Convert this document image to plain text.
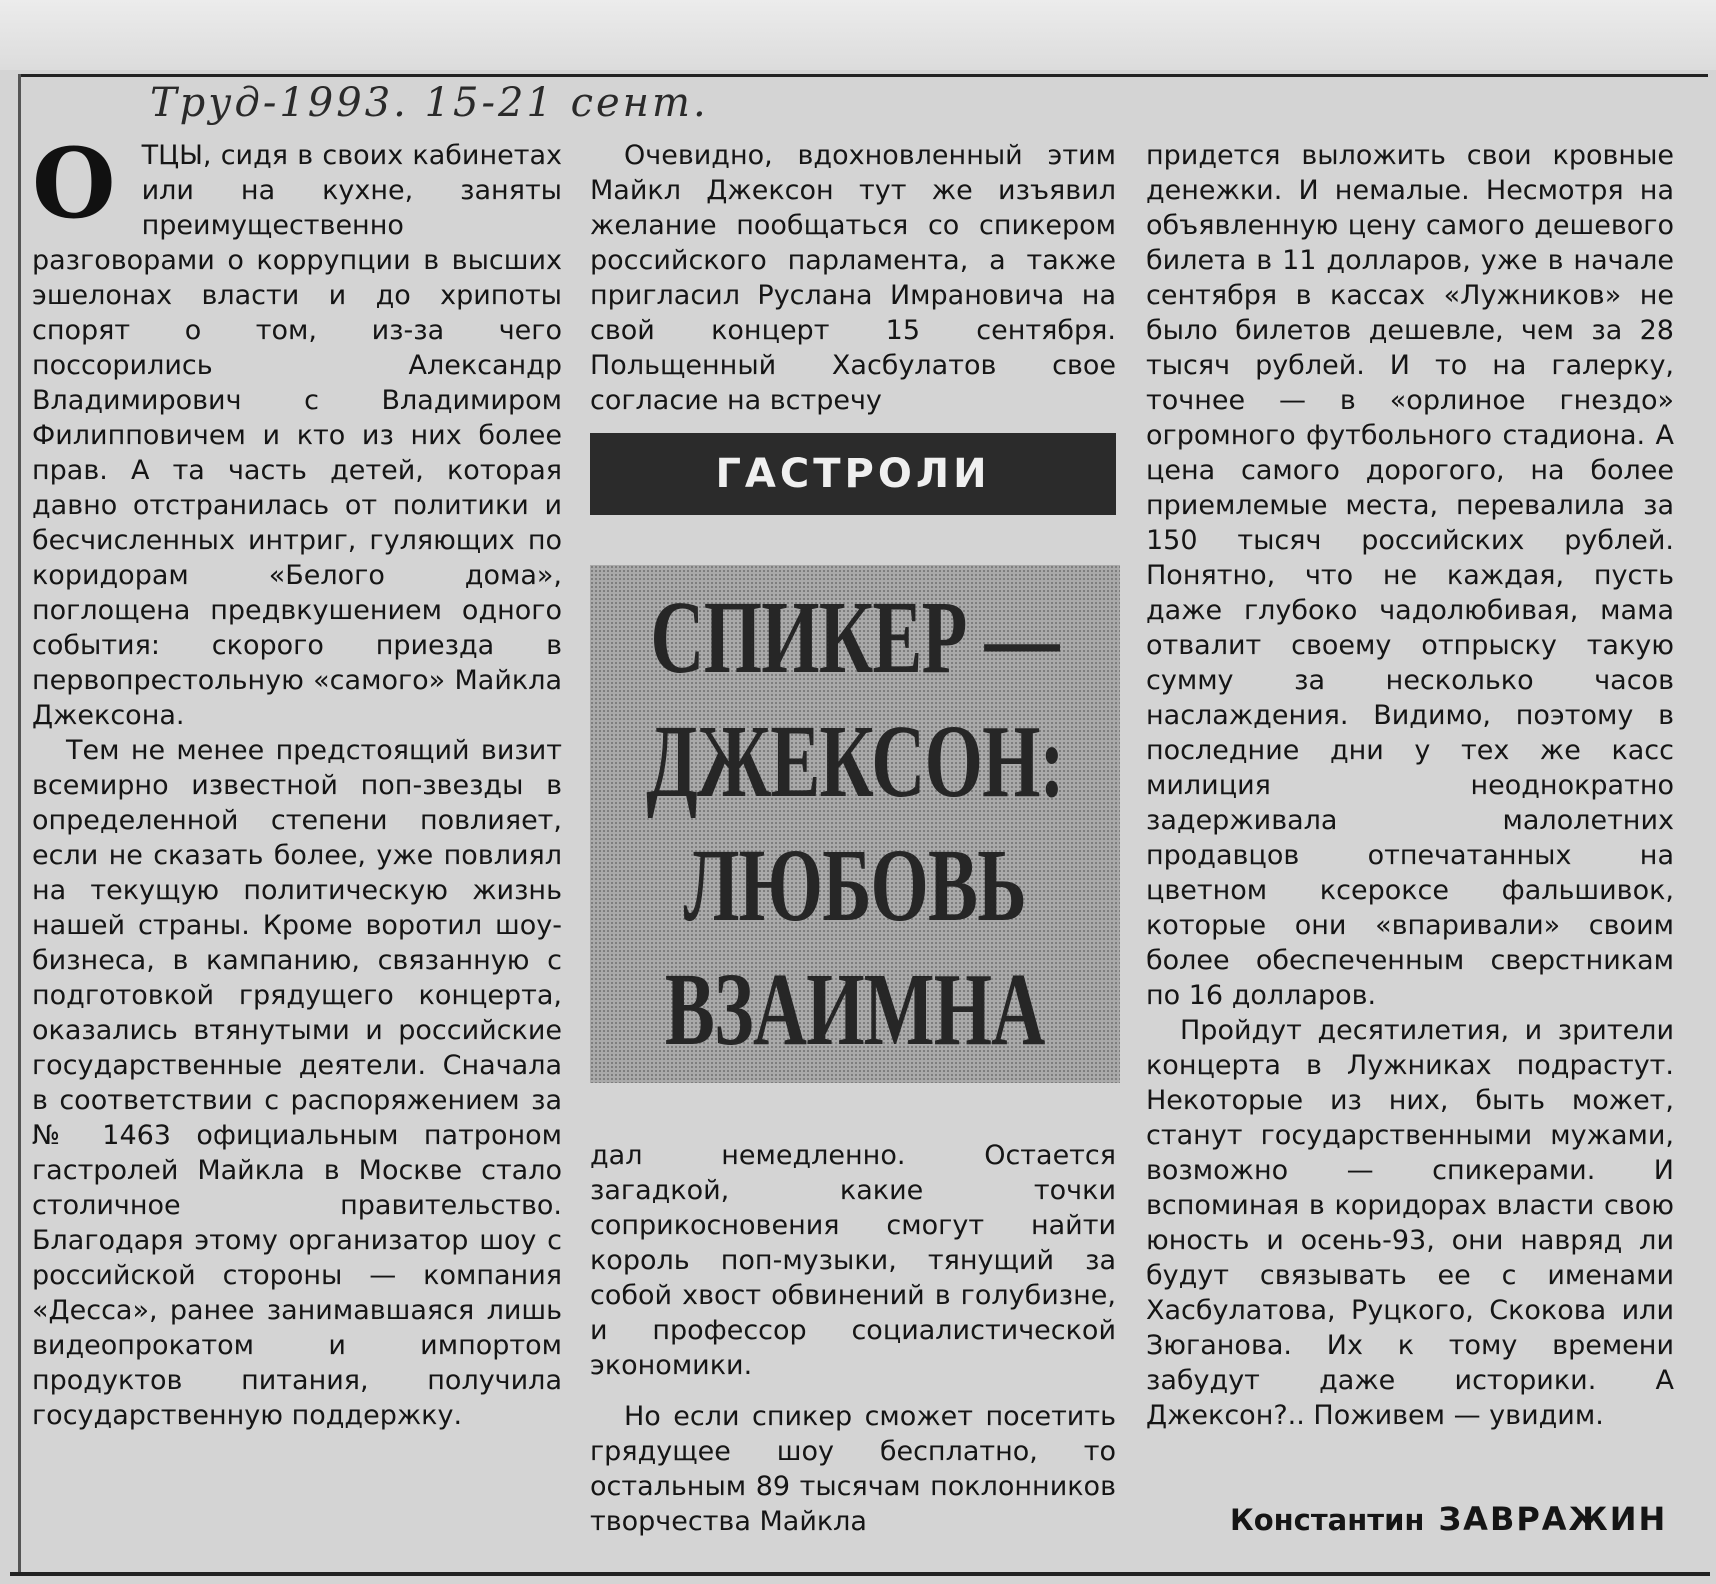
Труд-1993. 15-21 сент.
О ТЦЫ, сидя в своих кабинетах или на кухне, заняты преимущественно разговорами о коррупции в высших эшелонах власти и до хрипоты спорят о том, из-за чего поссорились Александр Владимирович с Владимиром Филипповичем и кто из них более прав. А та часть детей, которая давно отстранилась от политики и бесчисленных интриг, гуляющих по коридорам «Белого дома», поглощена предвкушением одного события: скорого приезда в первопрестольную «самого» Майкла Джексона.

Тем не менее предстоящий визит всемирно известной поп-звезды в определенной степени повлияет, если не сказать более, уже повлиял на текущую политическую жизнь нашей страны. Кроме воротил шоу-бизнеса, в кампанию, связанную с подготовкой грядущего концерта, оказались втянутыми и российские государственные деятели. Сначала в соответствии с распоряжением за № 1463 официальным патроном гастролей Майкла в Москве стало столичное правительство. Благодаря этому организатор шоу с российской стороны — компания «Десса», ранее занимавшаяся лишь видеопрокатом и импортом продуктов питания, получила государственную поддержку.

Очевидно, вдохновленный этим Майкл Джексон тут же изъявил желание пообщаться со спикером российского парламента, а также пригласил Руслана Имрановича на свой концерт 15 сентября. Польщенный Хасбулатов свое согласие на встречу

ГАСТРОЛИ
СПИКЕР —
ДЖЕКСОН:
ЛЮБОВЬ
ВЗАИМНА

дал немедленно. Остается загадкой, какие точки соприкосновения смогут найти король поп-музыки, тянущий за собой хвост обвинений в голубизне, и профессор социалистической экономики.

Но если спикер сможет посетить грядущее шоу бесплатно, то остальным 89 тысячам поклонников творчества Майкла

придется выложить свои кровные денежки. И немалые. Несмотря на объявленную цену самого дешевого билета в 11 долларов, уже в начале сентября в кассах «Лужников» не было билетов дешевле, чем за 28 тысяч рублей. И то на галерку, точнее — в «орлиное гнездо» огромного футбольного стадиона. А цена самого дорогого, на более приемлемые места, перевалила за 150 тысяч российских рублей. Понятно, что не каждая, пусть даже глубоко чадолюбивая, мама отвалит своему отпрыску такую сумму за несколько часов наслаждения. Видимо, поэтому в последние дни у тех же касс милиция неоднократно задерживала малолетних продавцов отпечатанных на цветном ксероксе фальшивок, которые они «впаривали» своим более обеспеченным сверстникам по 16 долларов.

Пройдут десятилетия, и зрители концерта в Лужниках подрастут. Некоторые из них, быть может, станут государственными мужами, возможно — спикерами. И вспоминая в коридорах власти свою юность и осень-93, они навряд ли будут связывать ее с именами Хасбулатова, Руцкого, Скокова или Зюганова. Их к тому времени забудут даже историки. А Джексон?.. Поживем — увидим.

Константин ЗАВРАЖИН
